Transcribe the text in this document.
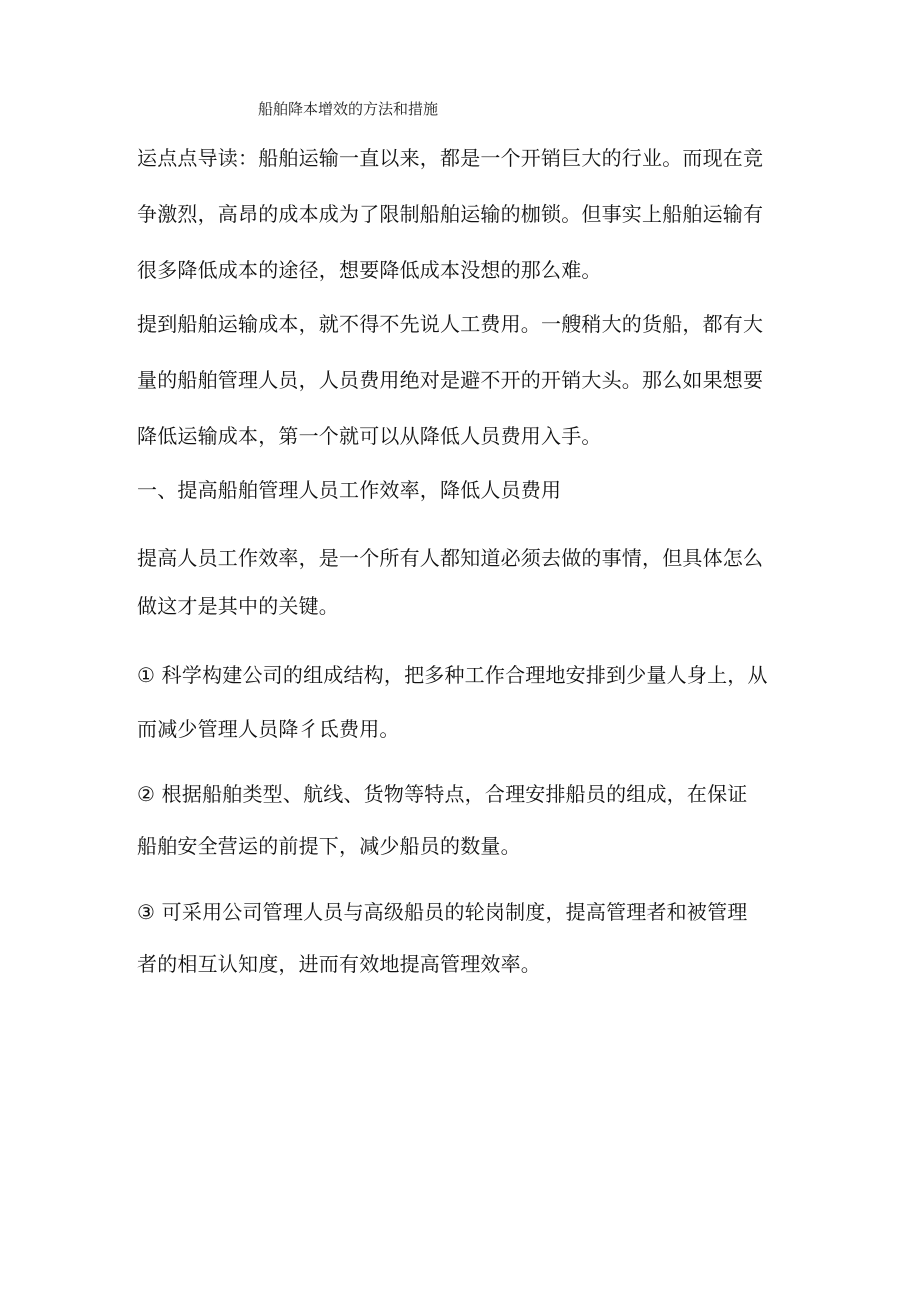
船舶降本增效的方法和措施
运点点导读：船舶运输一直以来，都是一个开销巨大的行业。而现在竞
争激烈，高昂的成本成为了限制船舶运输的枷锁。但事实上船舶运输有
很多降低成本的途径，想要降低成本没想的那么难。
提到船舶运输成本，就不得不先说人工费用。一艘稍大的货船，都有大
量的船舶管理人员，人员费用绝对是避不开的开销大头。那么如果想要
降低运输成本，第一个就可以从降低人员费用入手。
一、提高船舶管理人员工作效率，降低人员费用
提高人员工作效率，是一个所有人都知道必须去做的事情，但具体怎么
做这才是其中的关键。
① 科学构建公司的组成结构，把多种工作合理地安排到少量人身上，从
而减少管理人员降彳氐费用。
② 根据船舶类型、航线、货物等特点，合理安排船员的组成，在保证
船舶安全营运的前提下，减少船员的数量。
③ 可采用公司管理人员与高级船员的轮岗制度，提高管理者和被管理
者的相互认知度，进而有效地提高管理效率。
